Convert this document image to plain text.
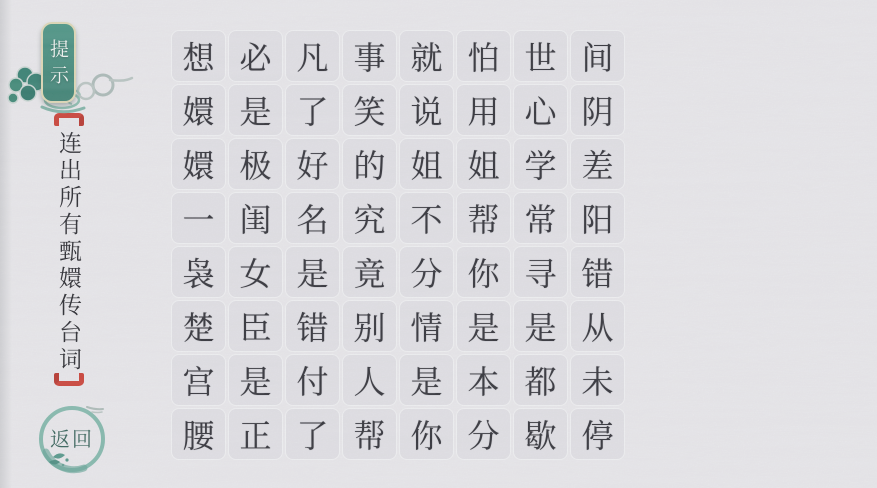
提示
连出所有甄嬛传台词
返回
想 必 凡 事 就 怕 世 间
嬛 是 了 笑 说 用 心 阴
嬛 极 好 的 姐 姐 学 差
一 闺 名 究 不 帮 常 阳
袅 女 是 竟 分 你 寻 错
楚 臣 错 别 情 是 是 从
宫 是 付 人 是 本 都 未
腰 正 了 帮 你 分 歇 停
